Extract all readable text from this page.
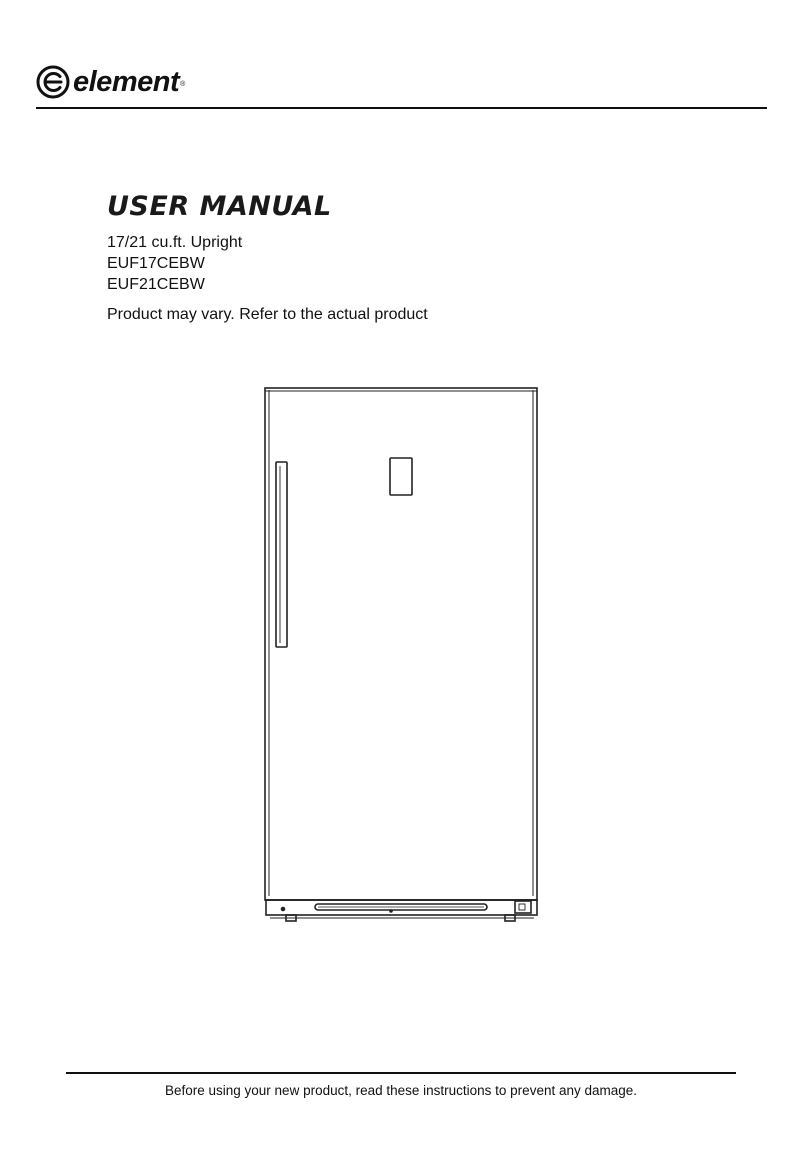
element ®
USER MANUAL
17/21 cu.ft. Upright
EUF17CEBW
EUF21CEBW
Product may vary. Refer to the actual product
Before using your new product, read these instructions to prevent any damage.
